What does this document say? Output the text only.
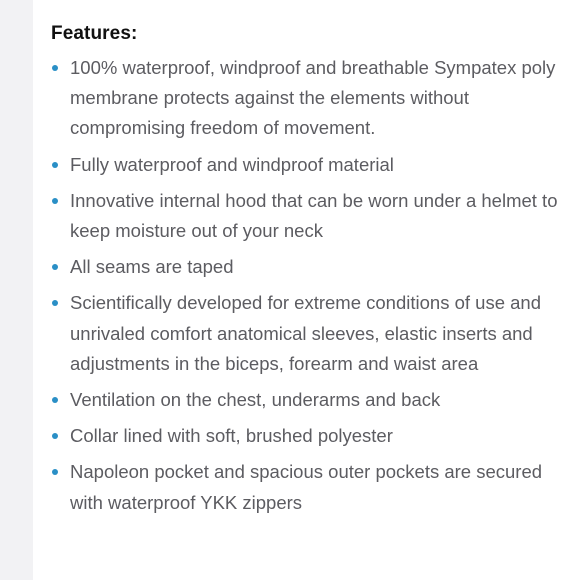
Features:
100% waterproof, windproof and breathable Sympatex poly membrane protects against the elements without compromising freedom of movement.
Fully waterproof and windproof material
Innovative internal hood that can be worn under a helmet to keep moisture out of your neck
All seams are taped
Scientifically developed for extreme conditions of use and unrivaled comfort anatomical sleeves, elastic inserts and adjustments in the biceps, forearm and waist area
Ventilation on the chest, underarms and back
Collar lined with soft, brushed polyester
Napoleon pocket and spacious outer pockets are secured with waterproof YKK zippers
